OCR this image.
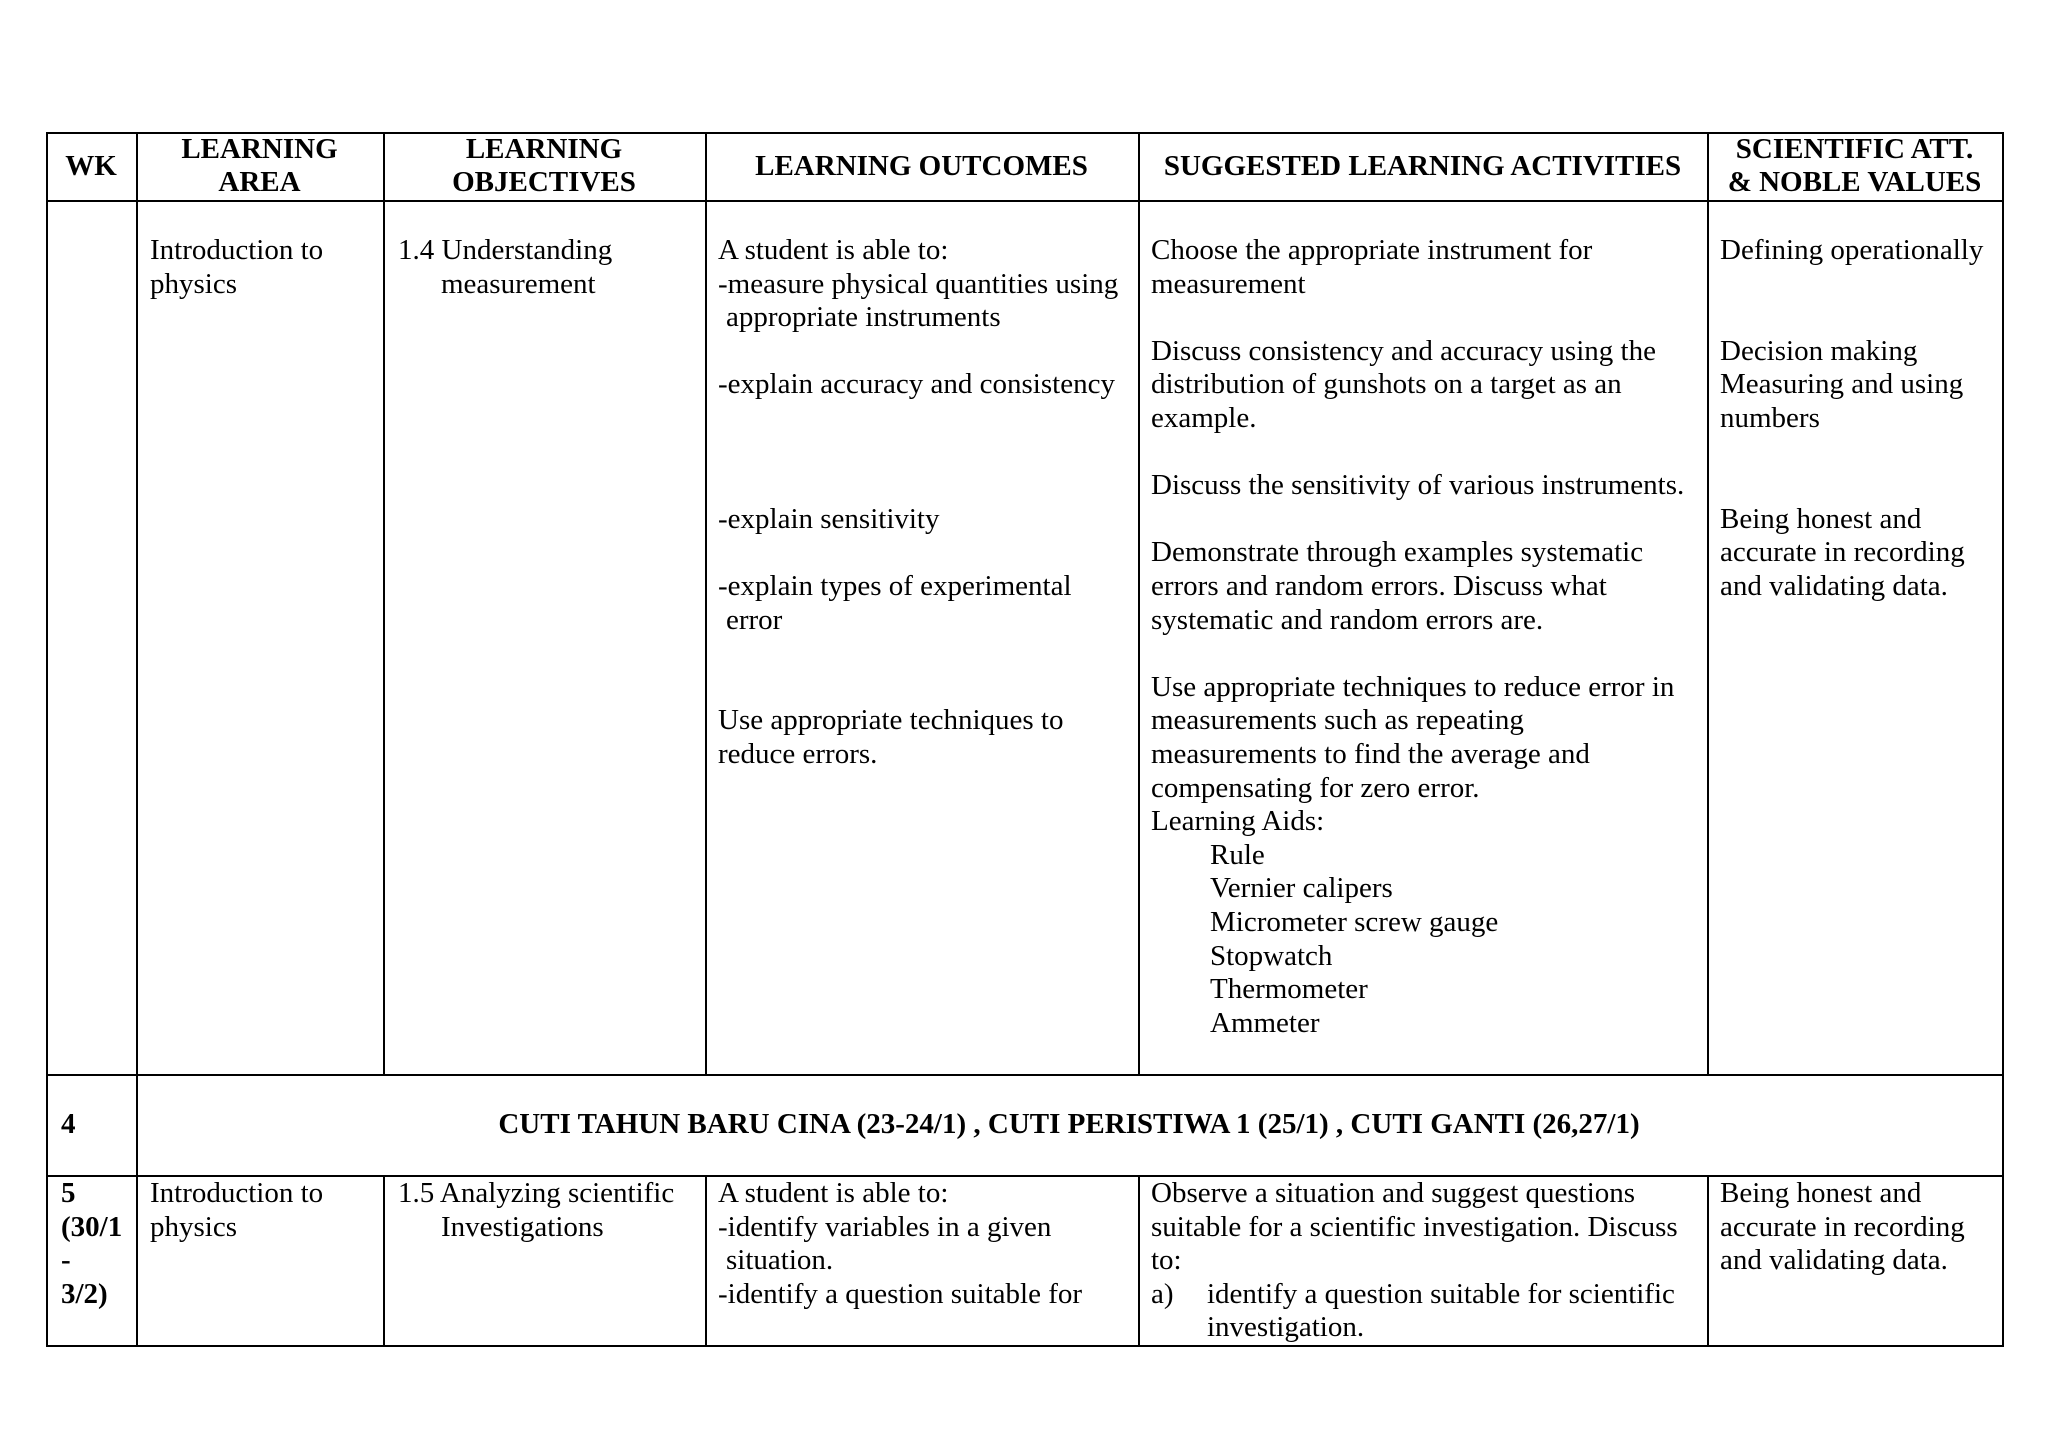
WK
LEARNING
AREA
LEARNING
OBJECTIVES
LEARNING OUTCOMES	SUGGESTED LEARNING ACTIVITIES
SCIENTIFIC ATT.
& NOBLE VALUES
Introduction to
physics
1.4 Understanding
measurement
A student is able to:
-measure physical quantities using
appropriate instruments
-explain accuracy and consistency
-explain sensitivity
-explain types of experimental
error
Use appropriate techniques to
reduce errors.
Choose the appropriate instrument for
measurement
Discuss consistency and accuracy using the
distribution of gunshots on a target as an
example.
Discuss the sensitivity of various instruments.
Demonstrate through examples systematic
errors and random errors. Discuss what
systematic and random errors are.
Use appropriate techniques to reduce error in
measurements such as repeating
measurements to find the average and
compensating for zero error.
Learning Aids:
Rule
Vernier calipers
Micrometer screw gauge
Stopwatch
Thermometer
Ammeter
Defining operationally
Decision making
Measuring and using
numbers
Being honest and
accurate in recording
and validating data.
4	CUTI TAHUN BARU CINA (23-24/1) , CUTI PERISTIWA 1 (25/1) , CUTI GANTI (26,27/1)
5
(30/1
-
3/2)
Introduction to
physics
1.5 Analyzing scientific
Investigations
A student is able to:
-identify variables in a given
situation.
-identify a question suitable for
Observe a situation and suggest questions
suitable for a scientific investigation. Discuss
to:
a) identify a question suitable for scientific
investigation.
Being honest and
accurate in recording
and validating data.
